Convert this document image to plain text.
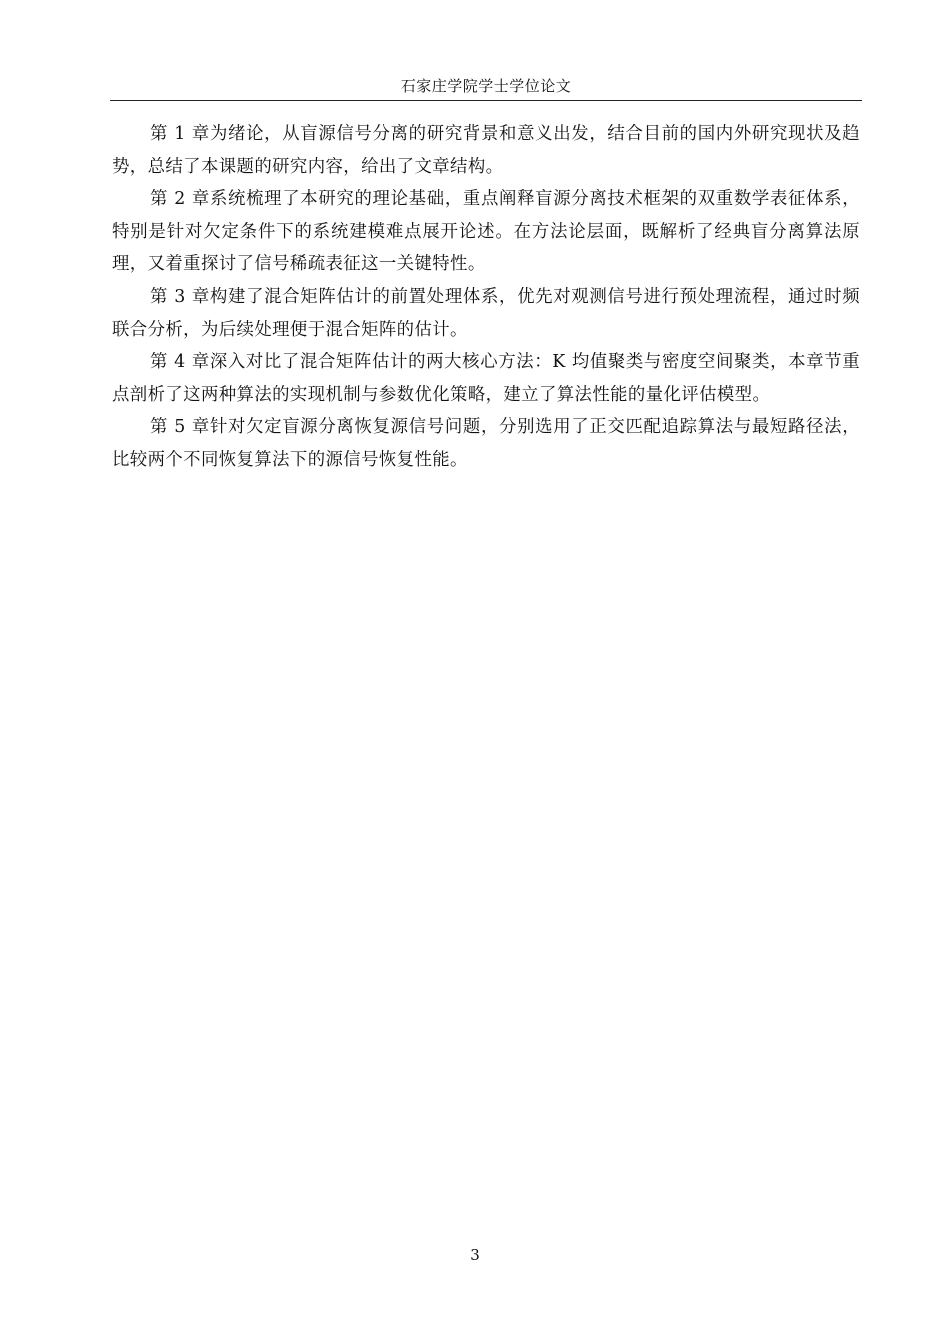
石家庄学院学士学位论文

第 1 章为绪论，从盲源信号分离的研究背景和意义出发，结合目前的国内外研究现状及趋势，总结了本课题的研究内容，给出了文章结构。

第 2 章系统梳理了本研究的理论基础，重点阐释盲源分离技术框架的双重数学表征体系，特别是针对欠定条件下的系统建模难点展开论述。在方法论层面，既解析了经典盲分离算法原理，又着重探讨了信号稀疏表征这一关键特性。

第 3 章构建了混合矩阵估计的前置处理体系，优先对观测信号进行预处理流程，通过时频联合分析，为后续处理便于混合矩阵的估计。

第 4 章深入对比了混合矩阵估计的两大核心方法：K 均值聚类与密度空间聚类，本章节重点剖析了这两种算法的实现机制与参数优化策略，建立了算法性能的量化评估模型。

第 5 章针对欠定盲源分离恢复源信号问题，分别选用了正交匹配追踪算法与最短路径法，比较两个不同恢复算法下的源信号恢复性能。

3
